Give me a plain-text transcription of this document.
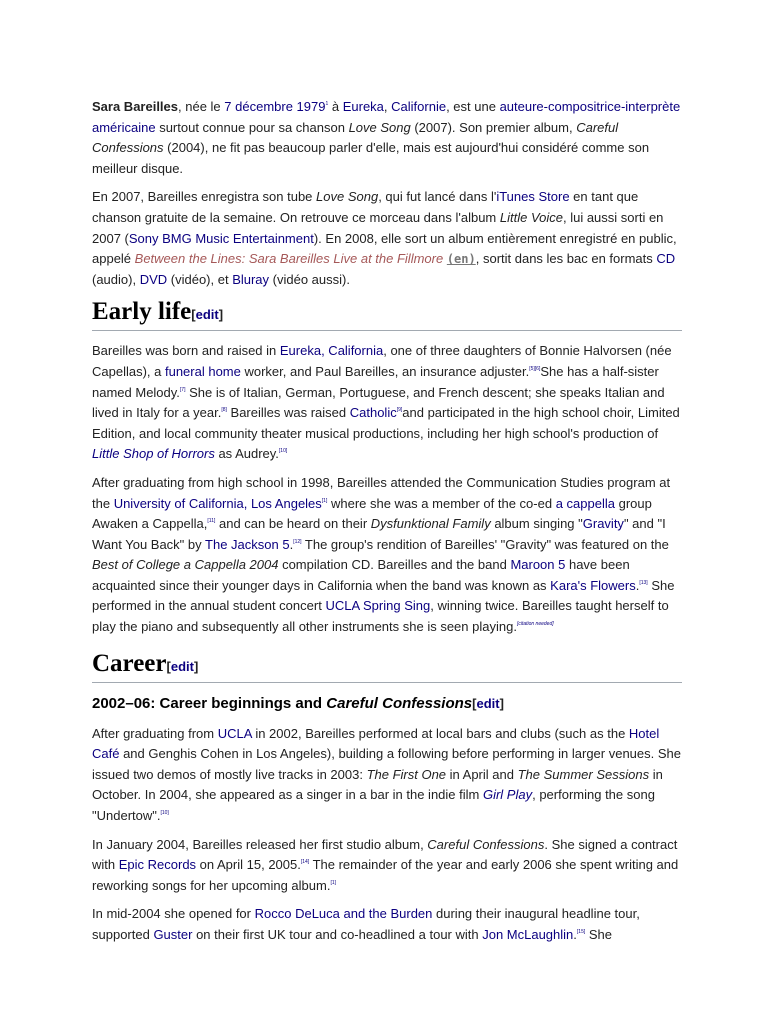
Sara Bareilles, née le 7 décembre 1979$^1$ à Eureka, Californie, est une auteure-compositrice-interprète américaine surtout connue pour sa chanson Love Song (2007). Son premier album, Careful Confessions (2004), ne fit pas beaucoup parler d'elle, mais est aujourd'hui considéré comme son meilleur disque.

En 2007, Bareilles enregistra son tube Love Song, qui fut lancé dans l'iTunes Store en tant que chanson gratuite de la semaine. On retrouve ce morceau dans l'album Little Voice, lui aussi sorti en 2007 (Sony BMG Music Entertainment). En 2008, elle sort un album entièrement enregistré en public, appelé Between the Lines: Sara Bareilles Live at the Fillmore (en), sortit dans les bac en formats CD (audio), DVD (vidéo), et Bluray (vidéo aussi).

Early life[edit]

Bareilles was born and raised in Eureka, California, one of three daughters of Bonnie Halvorsen (née Capellas), a funeral home worker, and Paul Bareilles, an insurance adjuster.[5][6]She has a half-sister named Melody.[7] She is of Italian, German, Portuguese, and French descent; she speaks Italian and lived in Italy for a year.[8] Bareilles was raised Catholic[9]and participated in the high school choir, Limited Edition, and local community theater musical productions, including her high school's production of Little Shop of Horrors as Audrey.[10]

After graduating from high school in 1998, Bareilles attended the Communication Studies program at the University of California, Los Angeles[1] where she was a member of the co-ed a cappella group Awaken a Cappella,[11] and can be heard on their Dysfunktional Family album singing "Gravity" and "I Want You Back" by The Jackson 5.[12] The group's rendition of Bareilles' "Gravity" was featured on the Best of College a Cappella 2004 compilation CD. Bareilles and the band Maroon 5 have been acquainted since their younger days in California when the band was known as Kara's Flowers.[13] She performed in the annual student concert UCLA Spring Sing, winning twice. Bareilles taught herself to play the piano and subsequently all other instruments she is seen playing.[citation needed]

Career[edit]
2002–06: Career beginnings and Careful Confessions[edit]

After graduating from UCLA in 2002, Bareilles performed at local bars and clubs (such as the Hotel Café and Genghis Cohen in Los Angeles), building a following before performing in larger venues. She issued two demos of mostly live tracks in 2003: The First One in April and The Summer Sessions in October. In 2004, she appeared as a singer in a bar in the indie film Girl Play, performing the song "Undertow".[10]

In January 2004, Bareilles released her first studio album, Careful Confessions. She signed a contract with Epic Records on April 15, 2005.[14] The remainder of the year and early 2006 she spent writing and reworking songs for her upcoming album.[1]

In mid-2004 she opened for Rocco DeLuca and the Burden during their inaugural headline tour, supported Guster on their first UK tour and co-headlined a tour with Jon McLaughlin.[15] She
